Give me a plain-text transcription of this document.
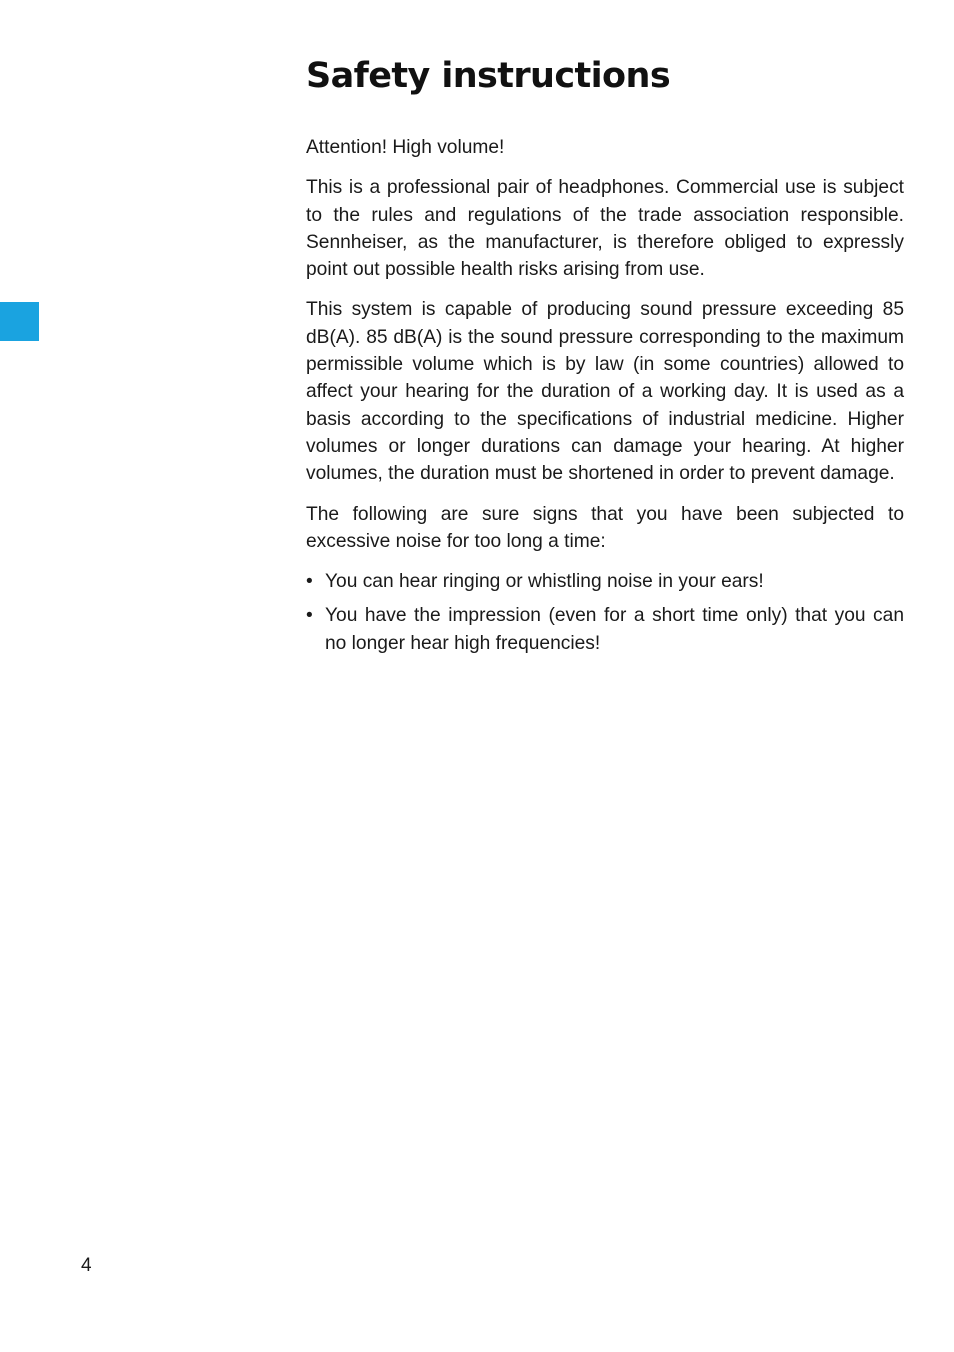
Safety instructions

Attention! High volume!

This is a professional pair of headphones. Commercial use is subject to the rules and regulations of the trade association responsible. Sennheiser, as the manufacturer, is therefore obliged to expressly point out possible health risks arising from use.

This system is capable of producing sound pressure exceeding 85 dB(A). 85 dB(A) is the sound pressure corresponding to the maximum permissible volume which is by law (in some countries) allowed to affect your hearing for the duration of a working day. It is used as a basis according to the specifications of industrial medicine. Higher volumes or longer durations can damage your hearing. At higher volumes, the duration must be shortened in order to prevent damage.

The following are sure signs that you have been subjected to excessive noise for too long a time:

• You can hear ringing or whistling noise in your ears!
• You have the impression (even for a short time only) that you can no longer hear high frequencies!
4
